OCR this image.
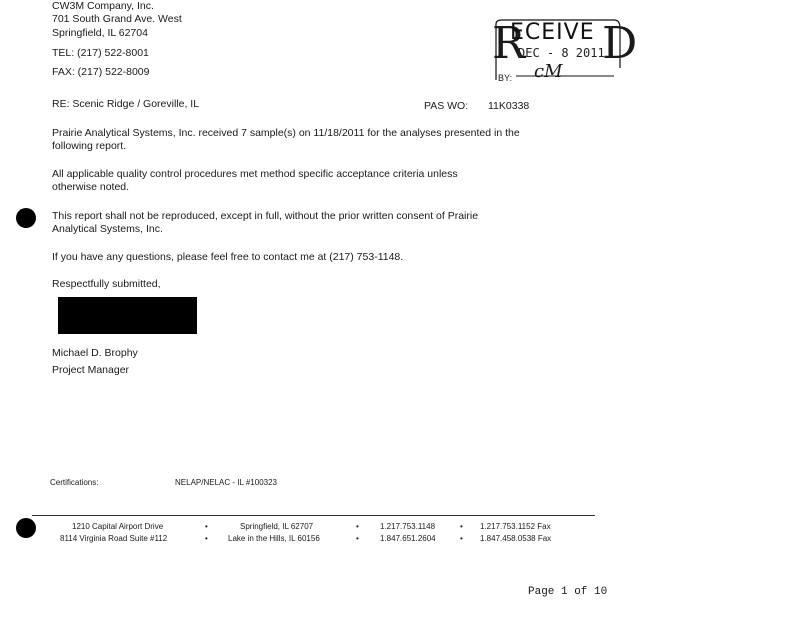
CW3M Company, Inc.
701 South Grand Ave. West
Springfield, IL 62704
TEL: (217) 522-8001
FAX: (217) 522-8009
R
ECEIVE D
DEC - 8 2011
BY: cM
RE: Scenic Ridge / Goreville, IL	PAS WO: 11K0338
Prairie Analytical Systems, Inc. received 7 sample(s) on 11/18/2011 for the analyses presented in the following report.
All applicable quality control procedures met method specific acceptance criteria unless otherwise noted.
This report shall not be reproduced, except in full, without the prior written consent of Prairie Analytical Systems, Inc.
If you have any questions, please feel free to contact me at (217) 753-1148.
Respectfully submitted,
Michael D. Brophy
Project Manager
Certifications:	NELAP/NELAC - IL #100323
1210 Capital Airport Drive	•	Springfield, IL 62707	•	1.217.753.1148	• 1.217.753.1152 Fax
8114 Virginia Road Suite #112	•	Lake in the Hills, IL 60156	•	1.847.651.2604	• 1.847.458.0538 Fax
Page 1 of 10
